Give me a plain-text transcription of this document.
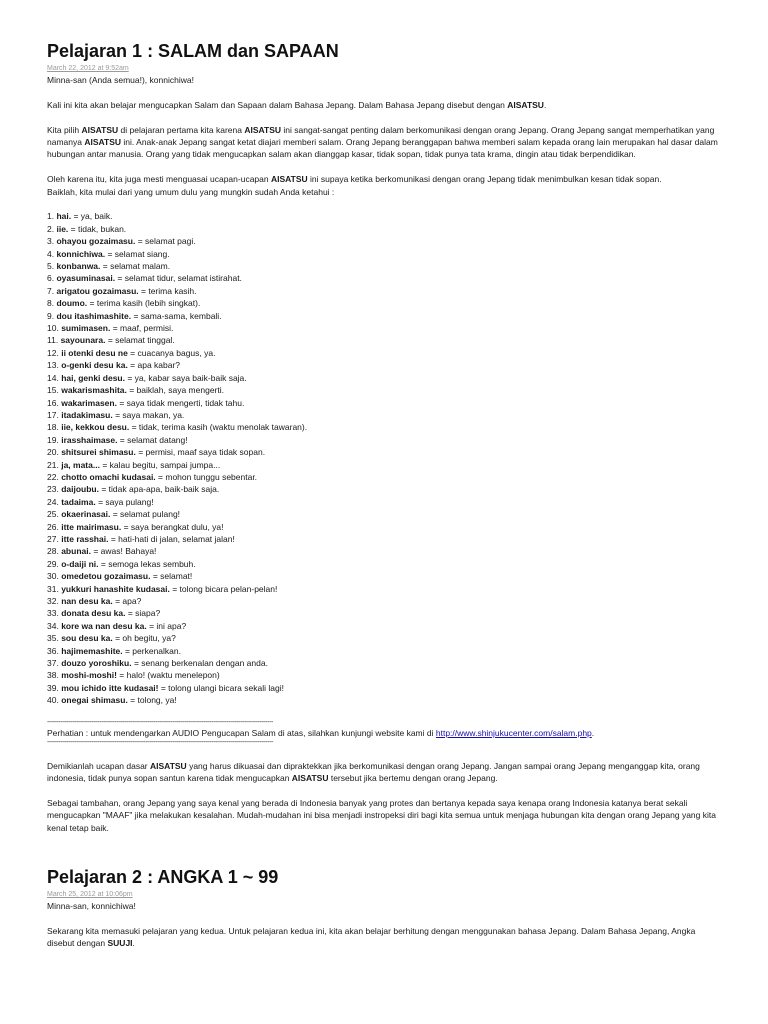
Pelajaran 1 : SALAM dan SAPAAN
March 22, 2012 at 9:52am

Minna-san (Anda semua!), konnichiwa!

Kali ini kita akan belajar mengucapkan Salam dan Sapaan dalam Bahasa Jepang. Dalam Bahasa Jepang disebut dengan AISATSU.

Kita pilih AISATSU di pelajaran pertama kita karena AISATSU ini sangat-sangat penting dalam berkomunikasi dengan orang Jepang. Orang Jepang sangat memperhatikan yang namanya AISATSU ini. Anak-anak Jepang sangat ketat diajari memberi salam. Orang Jepang beranggapan bahwa memberi salam kepada orang lain merupakan hal dasar dalam hubungan antar manusia. Orang yang tidak mengucapkan salam akan dianggap kasar, tidak sopan, tidak punya tata krama, dingin atau tidak berpendidikan.

Oleh karena itu, kita juga mesti menguasai ucapan-ucapan AISATSU ini supaya ketika berkomunikasi dengan orang Jepang tidak menimbulkan kesan tidak sopan.
Baiklah, kita mulai dari yang umum dulu yang mungkin sudah Anda ketahui :

1. hai. = ya, baik.
2. iie. = tidak, bukan.
3. ohayou gozaimasu. = selamat pagi.
4. konnichiwa. = selamat siang.
5. konbanwa. = selamat malam.
6. oyasuminasai. = selamat tidur, selamat istirahat.
7. arigatou gozaimasu. = terima kasih.
8. doumo. = terima kasih (lebih singkat).
9. dou itashimashite. = sama-sama, kembali.
10. sumimasen. = maaf, permisi.
11. sayounara. = selamat tinggal.
12. ii otenki desu ne = cuacanya bagus, ya.
13. o-genki desu ka. = apa kabar?
14. hai, genki desu. = ya, kabar saya baik-baik saja.
15. wakarismashita. = baiklah, saya mengerti.
16. wakarimasen. = saya tidak mengerti, tidak tahu.
17. itadakimasu. = saya makan, ya.
18. iie, kekkou desu. = tidak, terima kasih (waktu menolak tawaran).
19. irasshaimase. = selamat datang!
20. shitsurei shimasu. = permisi, maaf saya tidak sopan.
21. ja, mata... = kalau begitu, sampai jumpa...
22. chotto omachi kudasai. = mohon tunggu sebentar.
23. daijoubu. = tidak apa-apa, baik-baik saja.
24. tadaima. = saya pulang!
25. okaerinasai. = selamat pulang!
26. itte mairimasu. = saya berangkat dulu, ya!
27. itte rasshai. = hati-hati di jalan, selamat jalan!
28. abunai. = awas! Bahaya!
29. o-daiji ni. = semoga lekas sembuh.
30. omedetou gozaimasu. = selamat!
31. yukkuri hanashite kudasai. = tolong bicara pelan-pelan!
32. nan desu ka. = apa?
33. donata desu ka. = siapa?
34. kore wa nan desu ka. = ini apa?
35. sou desu ka. = oh begitu, ya?
36. hajimemashite. = perkenalkan.
37. douzo yoroshiku. = senang berkenalan dengan anda.
38. moshi-moshi! = halo! (waktu menelepon)
39. mou ichido itte kudasai! = tolong ulangi bicara sekali lagi!
40. onegai shimasu. = tolong, ya!
---------------------------------------------------------------------------------------------------------------------

Perhatian : untuk mendengarkan AUDIO Pengucapan Salam di atas, silahkan kunjungi website kami di http://www.shinjukucenter.com/salam.php.

---------------------------------------------------------------------------------------------------------------------

Demikianlah ucapan dasar AISATSU yang harus dikuasai dan dipraktekkan jika berkomunikasi dengan orang Jepang. Jangan sampai orang Jepang menganggap kita, orang indonesia, tidak punya sopan santun karena tidak mengucapkan AISATSU tersebut jika bertemu dengan orang Jepang.

Sebagai tambahan, orang Jepang yang saya kenal yang berada di Indonesia banyak yang protes dan bertanya kepada saya kenapa orang Indonesia katanya berat sekali mengucapkan "MAAF" jika melakukan kesalahan. Mudah-mudahan ini bisa menjadi instropeksi diri bagi kita semua untuk menjaga hubungan kita dengan orang Jepang yang kita kenal tetap baik.

Pelajaran 2 : ANGKA 1 ~ 99
March 25, 2012 at 10:06pm

Minna-san, konnichiwa!

Sekarang kita memasuki pelajaran yang kedua. Untuk pelajaran kedua ini, kita akan belajar berhitung dengan menggunakan bahasa Jepang. Dalam Bahasa Jepang, Angka disebut dengan SUUJI.
